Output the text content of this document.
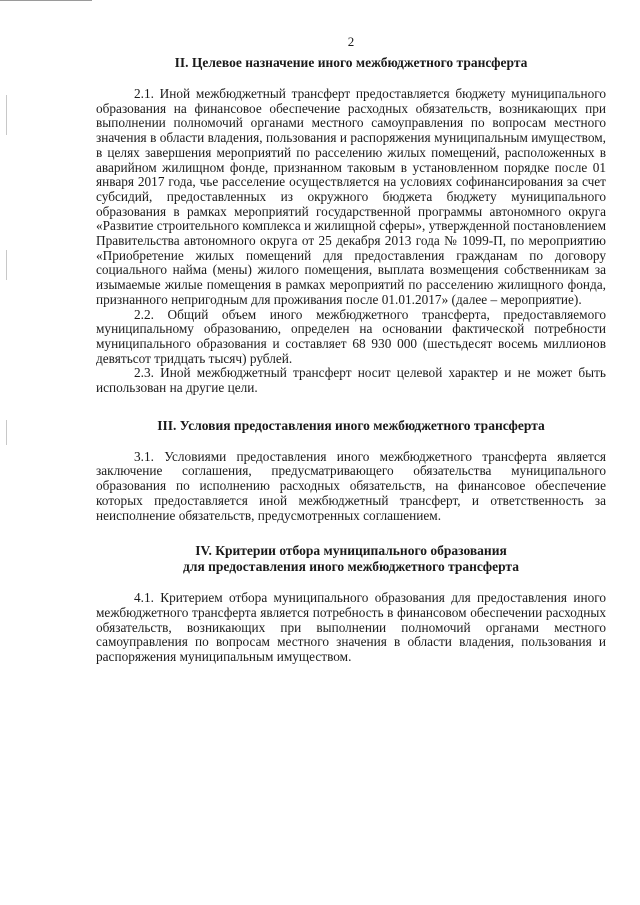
2
II. Целевое назначение иного межбюджетного трансферта

2.1. Иной межбюджетный трансферт предоставляется бюджету муниципального образования на финансовое обеспечение расходных обязательств, возникающих при выполнении полномочий органами местного самоуправления по вопросам местного значения в области владения, пользования и распоряжения муниципальным имуществом, в целях завершения мероприятий по расселению жилых помещений, расположенных в аварийном жилищном фонде, признанном таковым в установленном порядке после 01 января 2017 года, чье расселение осуществляется на условиях софинансирования за счет субсидий, предоставленных из окружного бюджета бюджету муниципального образования в рамках мероприятий государственной программы автономного округа «Развитие строительного комплекса и жилищной сферы», утвержденной постановлением Правительства автономного округа от 25 декабря 2013 года № 1099-П, по мероприятию «Приобретение жилых помещений для предоставления гражданам по договору социального найма (мены) жилого помещения, выплата возмещения собственникам за изымаемые жилые помещения в рамках мероприятий по расселению жилищного фонда, признанного непригодным для проживания после 01.01.2017» (далее – мероприятие).

2.2. Общий объем иного межбюджетного трансферта, предоставляемого муниципальному образованию, определен на основании фактической потребности муниципального образования и составляет 68 930 000 (шестьдесят восемь миллионов девятьсот тридцать тысяч) рублей.

2.3. Иной межбюджетный трансферт носит целевой характер и не может быть использован на другие цели.

III. Условия предоставления иного межбюджетного трансферта

3.1. Условиями предоставления иного межбюджетного трансферта является заключение соглашения, предусматривающего обязательства муниципального образования по исполнению расходных обязательств, на финансовое обеспечение которых предоставляется иной межбюджетный трансферт, и ответственность за неисполнение обязательств, предусмотренных соглашением.

IV. Критерии отбора муниципального образования
для предоставления иного межбюджетного трансферта

4.1. Критерием отбора муниципального образования для предоставления иного межбюджетного трансферта является потребность в финансовом обеспечении расходных обязательств, возникающих при выполнении полномочий органами местного самоуправления по вопросам местного значения в области владения, пользования и распоряжения муниципальным имуществом.
